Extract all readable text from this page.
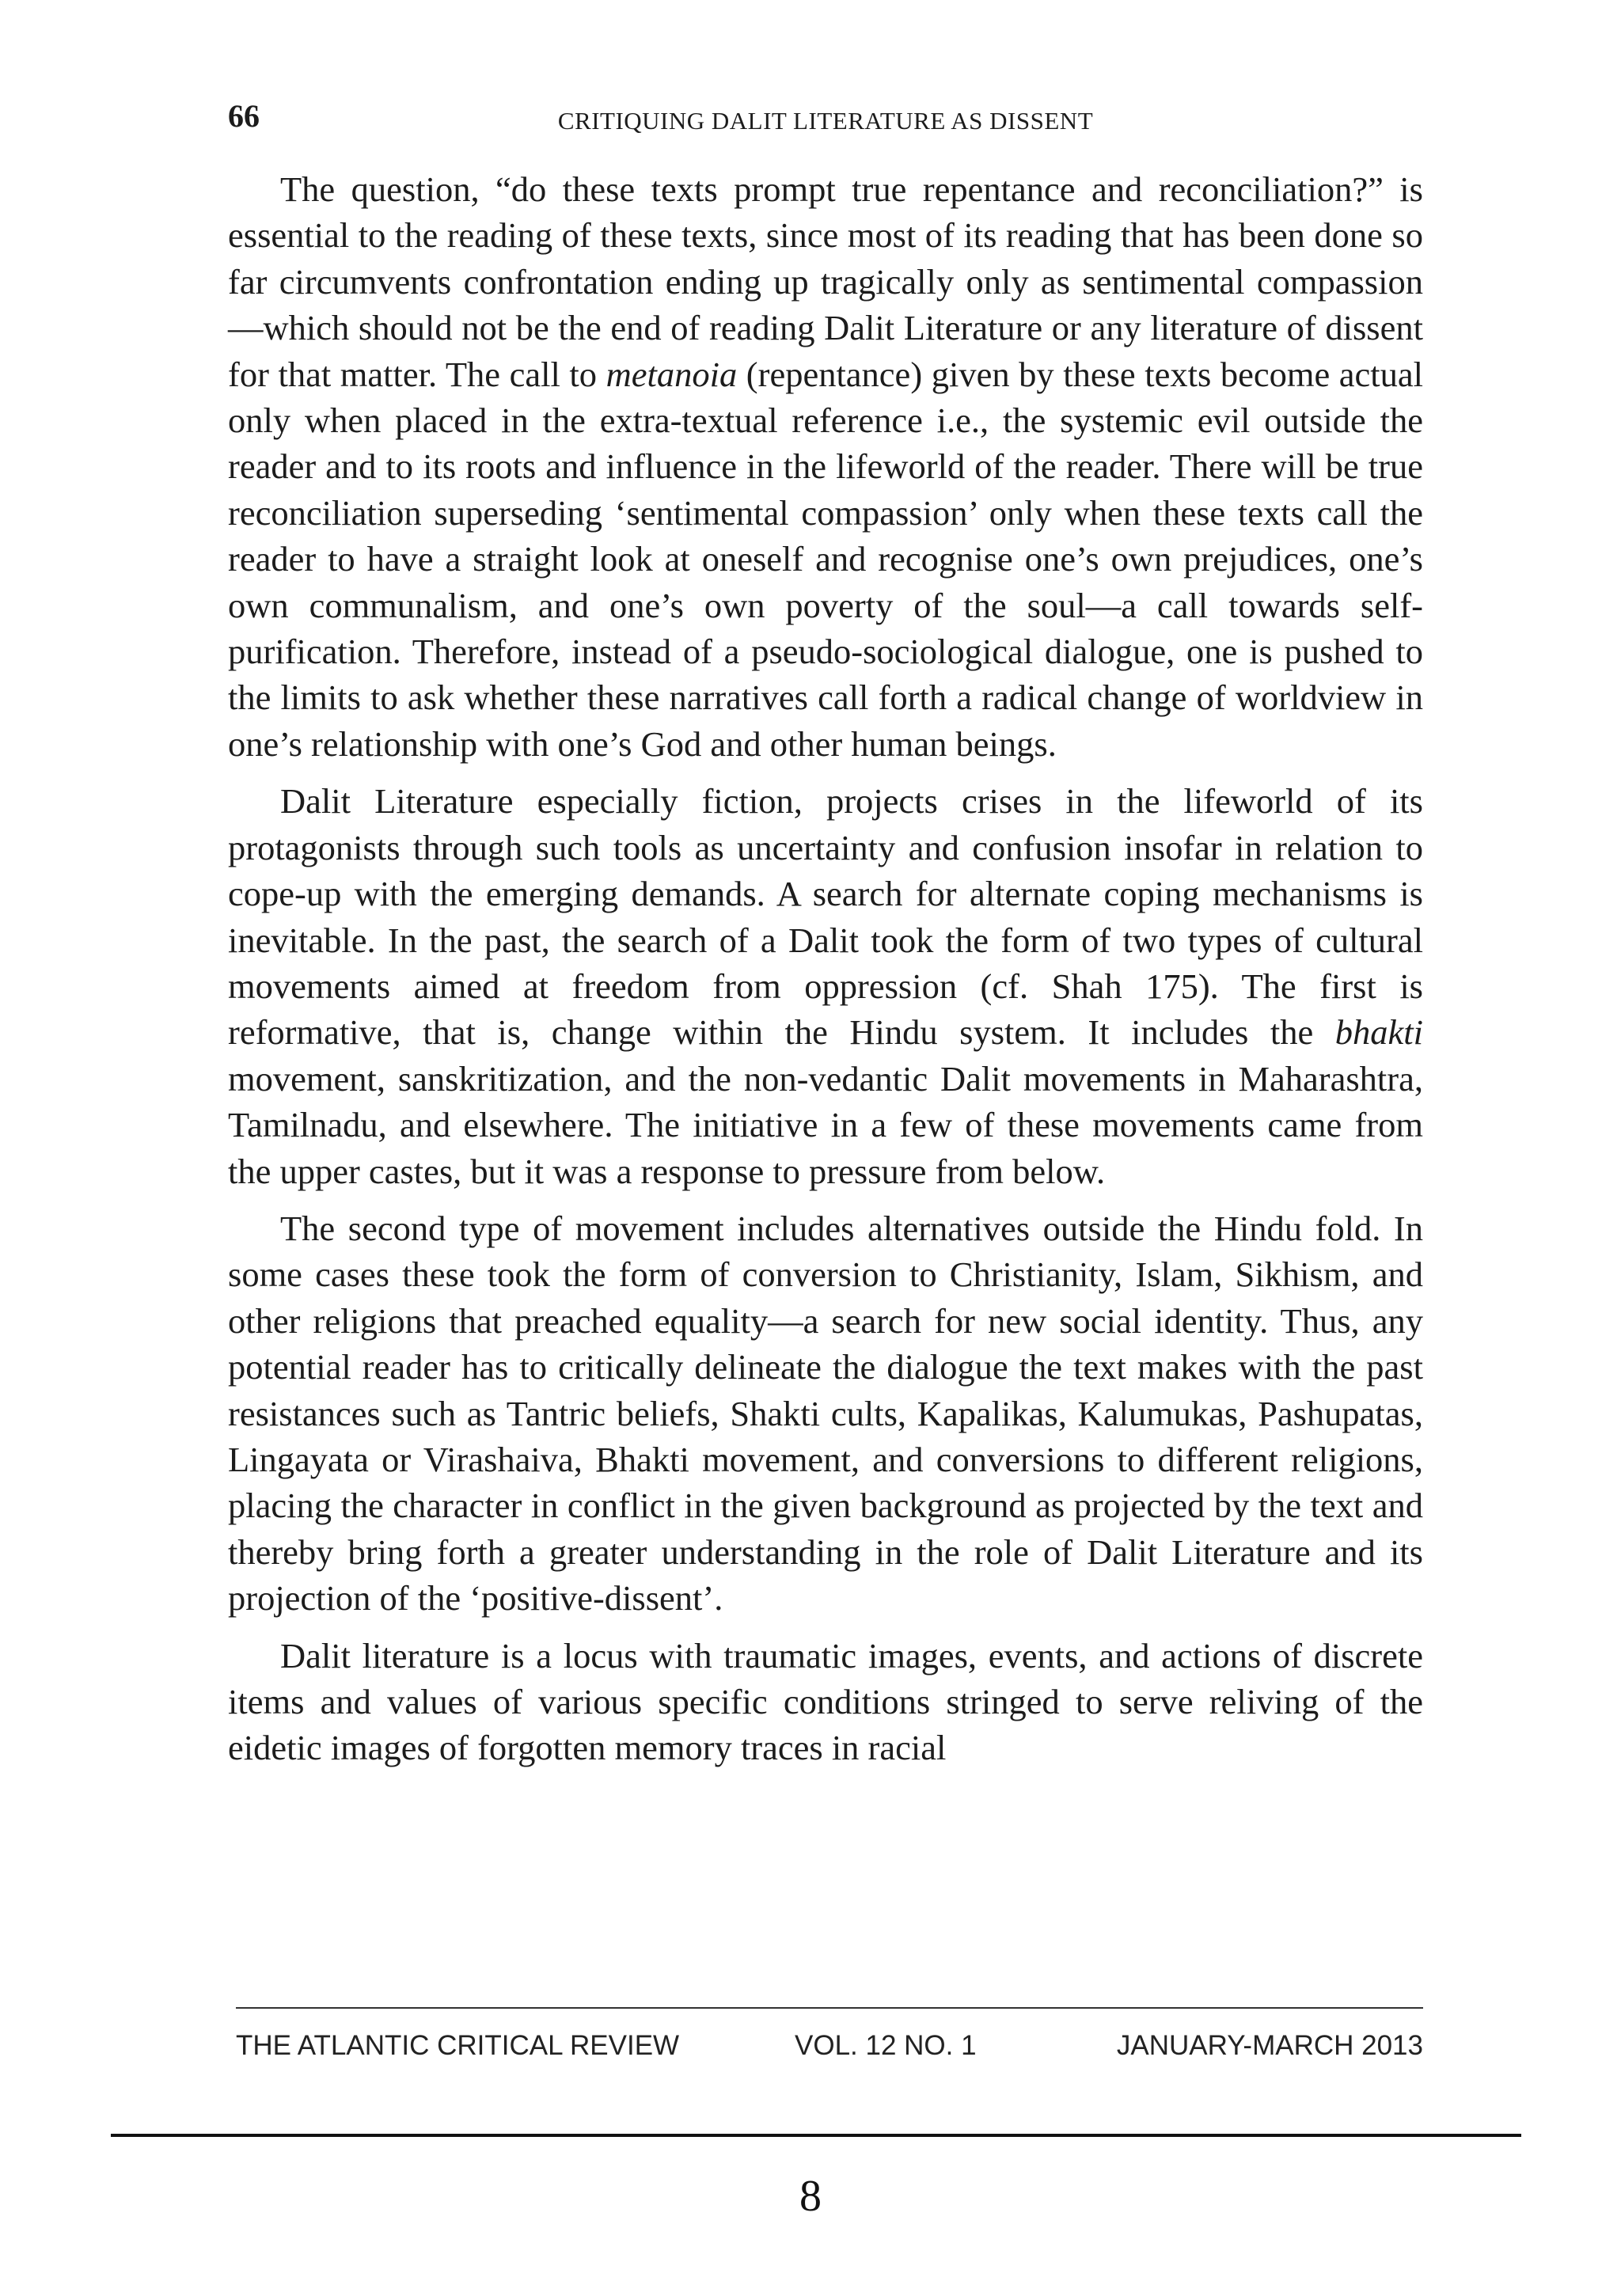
66	CRITIQUING DALIT LITERATURE AS DISSENT

The question, “do these texts prompt true repentance and reconciliation?” is essential to the reading of these texts, since most of its reading that has been done so far circumvents confrontation ending up tragically only as sentimental compassion—which should not be the end of reading Dalit Literature or any literature of dissent for that matter. The call to metanoia (repentance) given by these texts become actual only when placed in the extra-textual reference i.e., the systemic evil outside the reader and to its roots and influence in the lifeworld of the reader. There will be true reconciliation superseding ‘sentimental compassion’ only when these texts call the reader to have a straight look at oneself and recognise one’s own prejudices, one’s own communalism, and one’s own poverty of the soul—a call towards self-purification. Therefore, instead of a pseudo-sociological dialogue, one is pushed to the limits to ask whether these narratives call forth a radical change of worldview in one’s relationship with one’s God and other human beings.

Dalit Literature especially fiction, projects crises in the lifeworld of its protagonists through such tools as uncertainty and confusion insofar in relation to cope-up with the emerging demands. A search for alternate coping mechanisms is inevitable. In the past, the search of a Dalit took the form of two types of cultural movements aimed at freedom from oppression (cf. Shah 175). The first is reformative, that is, change within the Hindu system. It includes the bhakti movement, sanskritization, and the non-vedantic Dalit movements in Maharashtra, Tamilnadu, and elsewhere. The initiative in a few of these movements came from the upper castes, but it was a response to pressure from below.

The second type of movement includes alternatives outside the Hindu fold. In some cases these took the form of conversion to Christianity, Islam, Sikhism, and other religions that preached equality—a search for new social identity. Thus, any potential reader has to critically delineate the dialogue the text makes with the past resistances such as Tantric beliefs, Shakti cults, Kapalikas, Kalumukas, Pashupatas, Lingayata or Virashaiva, Bhakti movement, and conversions to different religions, placing the character in conflict in the given background as projected by the text and thereby bring forth a greater understanding in the role of Dalit Literature and its projection of the ‘positive-dissent’.

Dalit literature is a locus with traumatic images, events, and actions of discrete items and values of various specific conditions stringed to serve reliving of the eidetic images of forgotten memory traces in racial

THE ATLANTIC CRITICAL REVIEW	VOL. 12 NO. 1	JANUARY-MARCH 2013
8
